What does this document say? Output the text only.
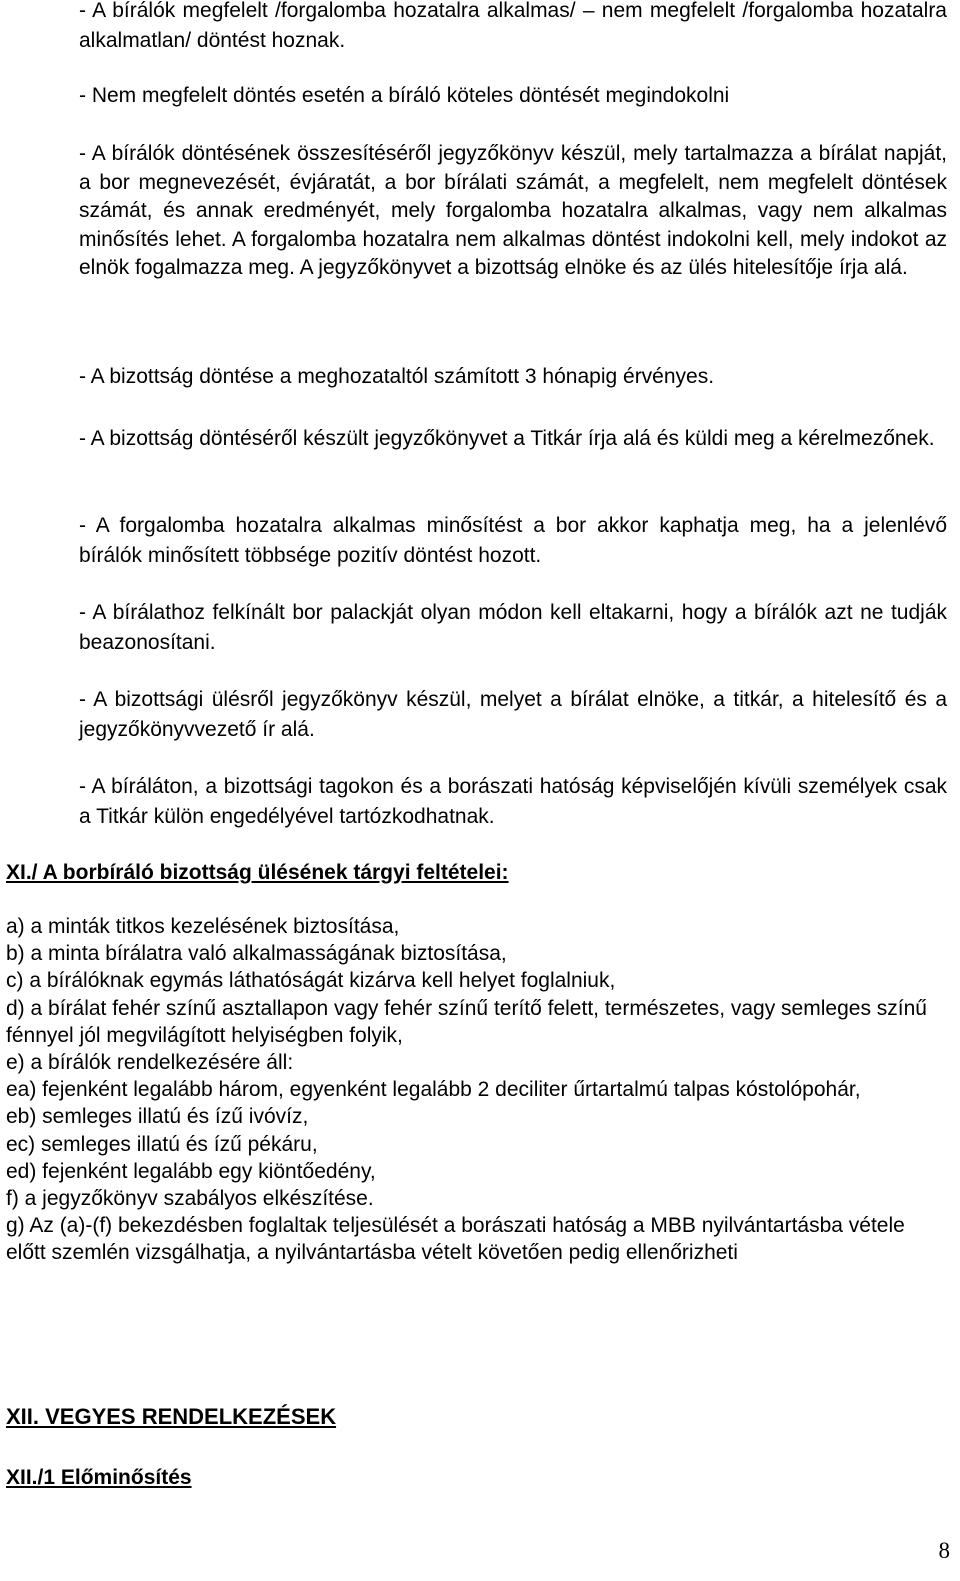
- A bírálók megfelelt /forgalomba hozatalra alkalmas/ – nem megfelelt /forgalomba hozatalra alkalmatlan/ döntést hoznak.

- Nem megfelelt döntés esetén a bíráló köteles döntését megindokolni

- A bírálók döntésének összesítéséről jegyzőkönyv készül, mely tartalmazza a bírálat napját, a bor megnevezését, évjáratát, a bor bírálati számát, a megfelelt, nem megfelelt döntések számát, és annak eredményét, mely forgalomba hozatalra alkalmas, vagy nem alkalmas minősítés lehet. A forgalomba hozatalra nem alkalmas döntést indokolni kell, mely indokot az elnök fogalmazza meg. A jegyzőkönyvet a bizottság elnöke és az ülés hitelesítője írja alá.

- A bizottság döntése a meghozataltól számított 3 hónapig érvényes.

- A bizottság döntéséről készült jegyzőkönyvet a Titkár írja alá és küldi meg a kérelmezőnek.

- A forgalomba hozatalra alkalmas minősítést a bor akkor kaphatja meg, ha a jelenlévő bírálók minősített többsége pozitív döntést hozott.

- A bírálathoz felkínált bor palackját olyan módon kell eltakarni, hogy a bírálók azt ne tudják beazonosítani.

- A bizottsági ülésről jegyzőkönyv készül, melyet a bírálat elnöke, a titkár, a hitelesítő és a jegyzőkönyvvezető ír alá.

- A bíráláton, a bizottsági tagokon és a borászati hatóság képviselőjén kívüli személyek csak a Titkár külön engedélyével tartózkodhatnak.

XI./ A borbíráló bizottság ülésének tárgyi feltételei:
a) a minták titkos kezelésének biztosítása,
b) a minta bírálatra való alkalmasságának biztosítása,
c) a bírálóknak egymás láthatóságát kizárva kell helyet foglalniuk,
d) a bírálat fehér színű asztallapon vagy fehér színű terítő felett, természetes, vagy semleges színű fénnyel jól megvilágított helyiségben folyik,
e) a bírálók rendelkezésére áll:
ea) fejenként legalább három, egyenként legalább 2 deciliter űrtartalmú talpas kóstolópohár,
eb) semleges illatú és ízű ivóvíz,
ec) semleges illatú és ízű pékáru,
ed) fejenként legalább egy kiöntőedény,
f) a jegyzőkönyv szabályos elkészítése.
g) Az (a)-(f) bekezdésben foglaltak teljesülését a borászati hatóság a MBB nyilvántartásba vétele előtt szemlén vizsgálhatja, a nyilvántartásba vételt követően pedig ellenőrizheti
XII. VEGYES RENDELKEZÉSEK
XII./1 Előminősítés
8
